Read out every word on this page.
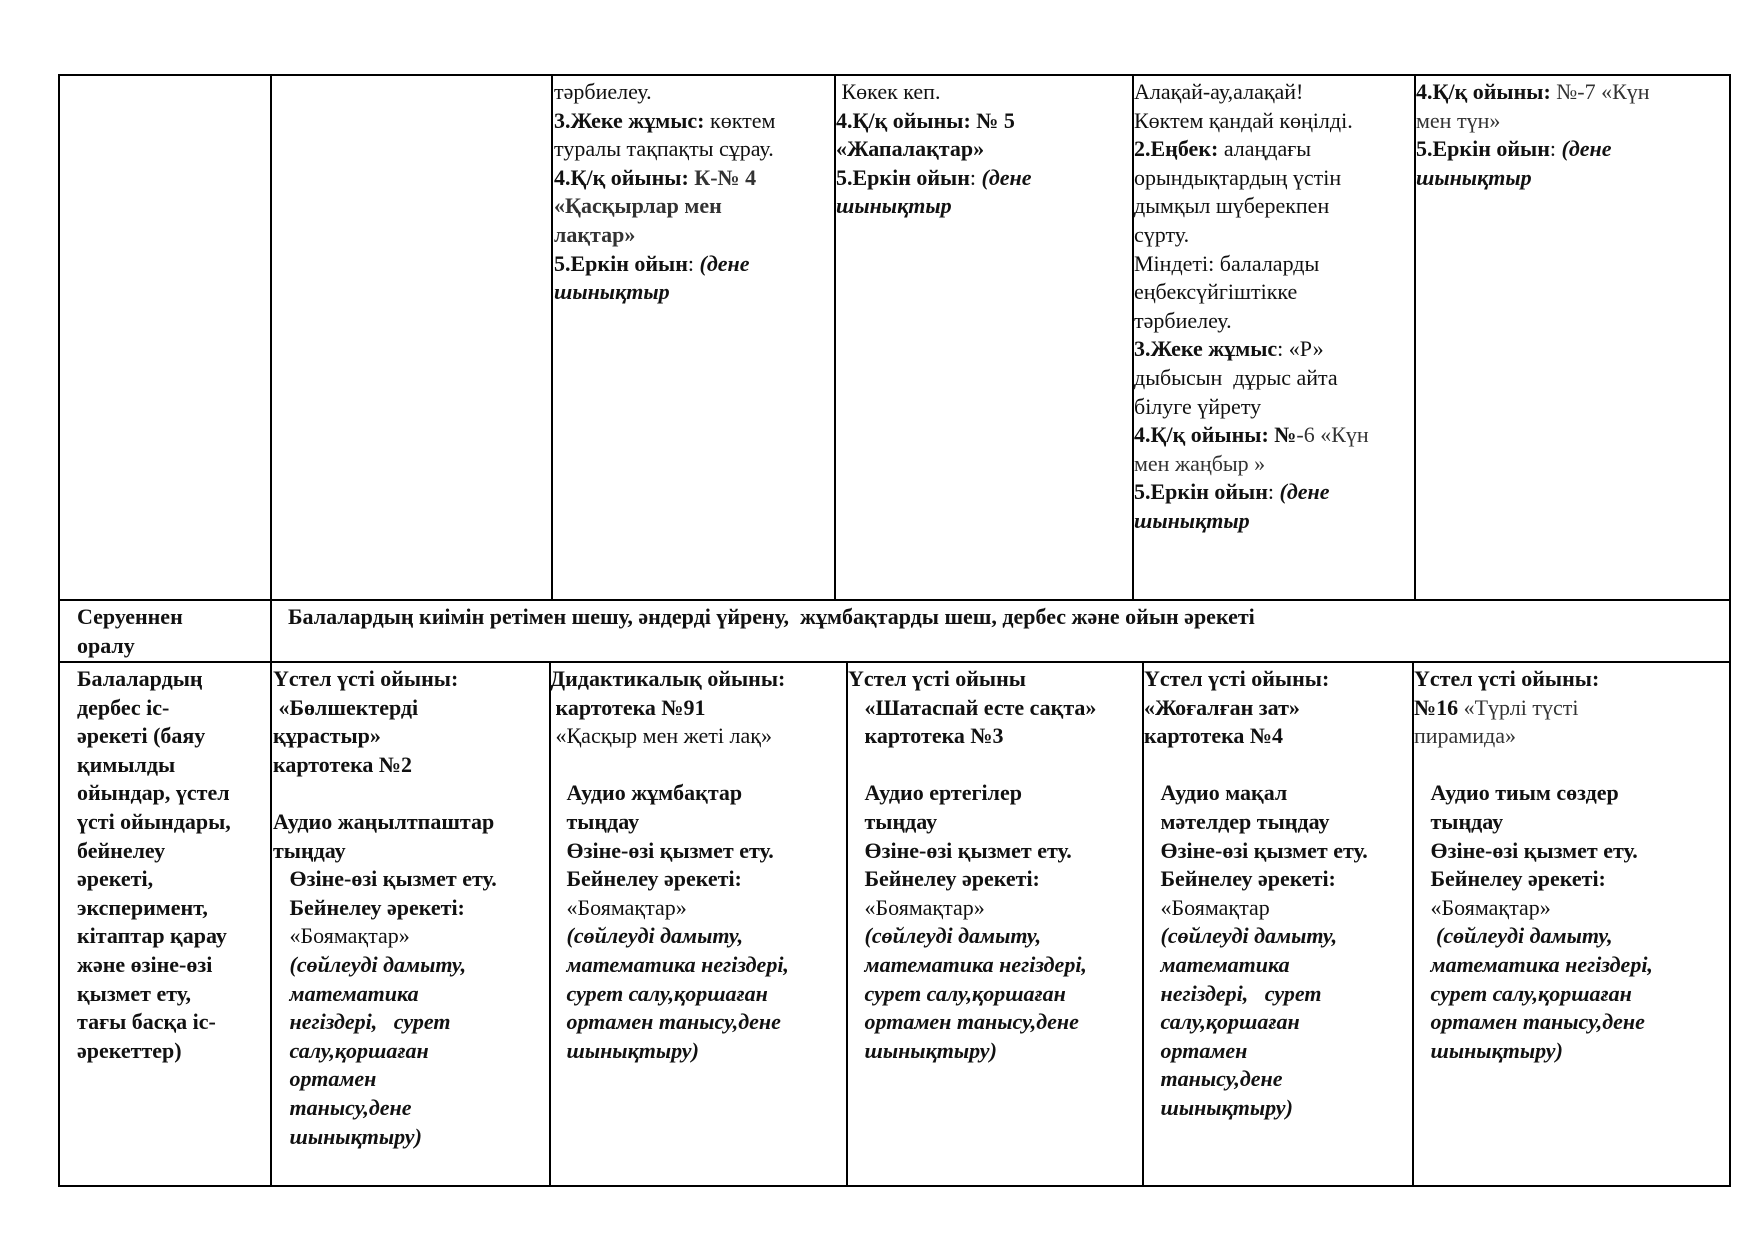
тәрбиелеу.
3.Жеке жұмыс: көктем
туралы тақпақты сұрау.
4.Қ/қ ойыны: К-№ 4
«Қасқырлар мен
лақтар»
5.Еркін ойын: (дене
шынықтыр
Көкек кеп.
4.Қ/қ ойыны: № 5
«Жапалақтар»
5.Еркін ойын: (дене
шынықтыр
Алақай-ау,алақай!
Көктем қандай көңілді.
2.Еңбек: алаңдағы
орындықтардың үстін
дымқыл шүберекпен
сүрту.
Міндеті: балаларды
еңбексүйгіштікке
тәрбиелеу.
3.Жеке жұмыс: «Р»
дыбысын  дұрыс айта
білуге үйрету
4.Қ/қ ойыны: №-6 «Күн
мен жаңбыр »
5.Еркін ойын: (дене
шынықтыр
4.Қ/қ ойыны: №-7 «Күн
мен түн»
5.Еркін ойын: (дене
шынықтыр
Серуеннен
оралу
Балалардың киімін ретімен шешу, әндерді үйрену,  жұмбақтарды шеш, дербес және ойын әрекеті
Балалардың
дербес іс-
әрекеті (баяу
қимылды
ойындар, үстел
үсті ойындары,
бейнелеу
әрекеті,
эксперимент,
кітаптар қарау
және өзіне-өзі
қызмет ету,
тағы басқа іс-
әрекеттер)
Үстел үсті ойыны:
«Бөлшектерді
құрастыр»
картотека №2

Аудио жаңылтпаштар
тыңдау
Өзіне-өзі қызмет ету.
Бейнелеу әрекеті:
«Боямақтар»
(сөйлеуді дамыту,
математика
негіздері,   сурет
салу,қоршаған
ортамен
танысу,дене
шынықтыру)
Дидактикалық ойыны:
картотека №91
«Қасқыр мен жеті лақ»

Аудио жұмбақтар
тыңдау
Өзіне-өзі қызмет ету.
Бейнелеу әрекеті:
«Боямақтар»
(сөйлеуді дамыту,
математика негіздері,
сурет салу,қоршаған
ортамен танысу,дене
шынықтыру)
Үстел үсті ойыны
«Шатаспай есте сақта»
картотека №3

Аудио ертегілер
тыңдау
Өзіне-өзі қызмет ету.
Бейнелеу әрекеті:
«Боямақтар»
(сөйлеуді дамыту,
математика негіздері,
сурет салу,қоршаған
ортамен танысу,дене
шынықтыру)
Үстел үсті ойыны:
«Жоғалған зат»
картотека №4

Аудио мақал
мәтелдер тыңдау
Өзіне-өзі қызмет ету.
Бейнелеу әрекеті:
«Боямақтар
(сөйлеуді дамыту,
математика
негіздері,   сурет
салу,қоршаған
ортамен
танысу,дене
шынықтыру)
Үстел үсті ойыны:
№16 «Түрлі түсті
пирамида»

Аудио тиым сөздер
тыңдау
Өзіне-өзі қызмет ету.
Бейнелеу әрекеті:
«Боямақтар»
(сөйлеуді дамыту,
математика негіздері,
сурет салу,қоршаған
ортамен танысу,дене
шынықтыру)
